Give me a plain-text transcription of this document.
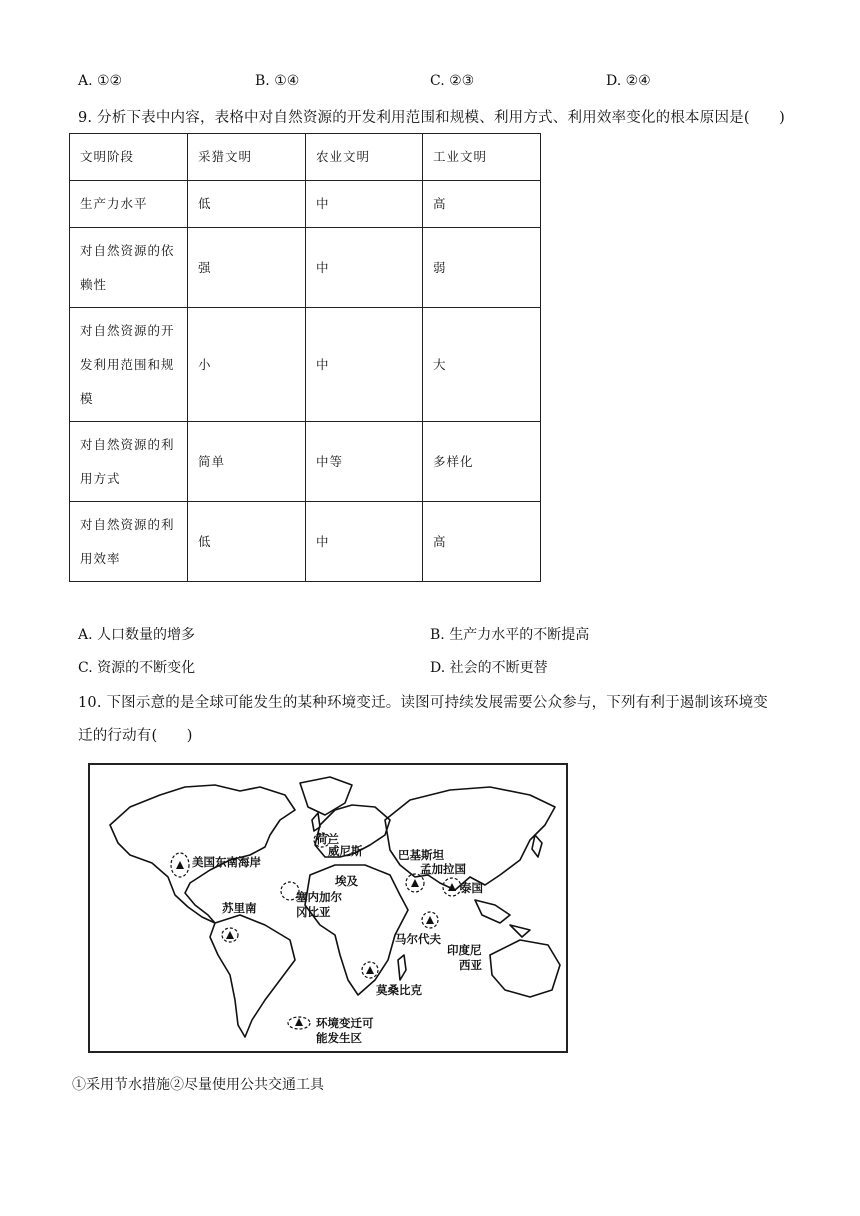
A. ①②	B. ①④	C. ②③	D. ②④
9. 分析下表中内容，表格中对自然资源的开发利用范围和规模、利用方式、利用效率变化的根本原因是(　　)
文明阶段	采猎文明	农业文明	工业文明
生产力水平	低	中	高
对自然资源的依赖性	强	中	弱
对自然资源的开发利用范围和规模	小	中	大
对自然资源的利用方式	简单	中等	多样化
对自然资源的利用效率	低	中	高
A. 人口数量的增多	B. 生产力水平的不断提高
C. 资源的不断变化	D. 社会的不断更替
10. 下图示意的是全球可能发生的某种环境变迁。读图可持续发展需要公众参与，下列有利于遏制该环境变
迁的行动有(　　)
荷兰
威尼斯	巴基斯坦
孟加拉国
美国东南海岸
泰国
埃及
塞内加尔
冈比亚
苏里南
马尔代夫
印度尼
西亚
莫桑比克
环境变迁可
能发生区
①采用节水措施②尽量使用公共交通工具
